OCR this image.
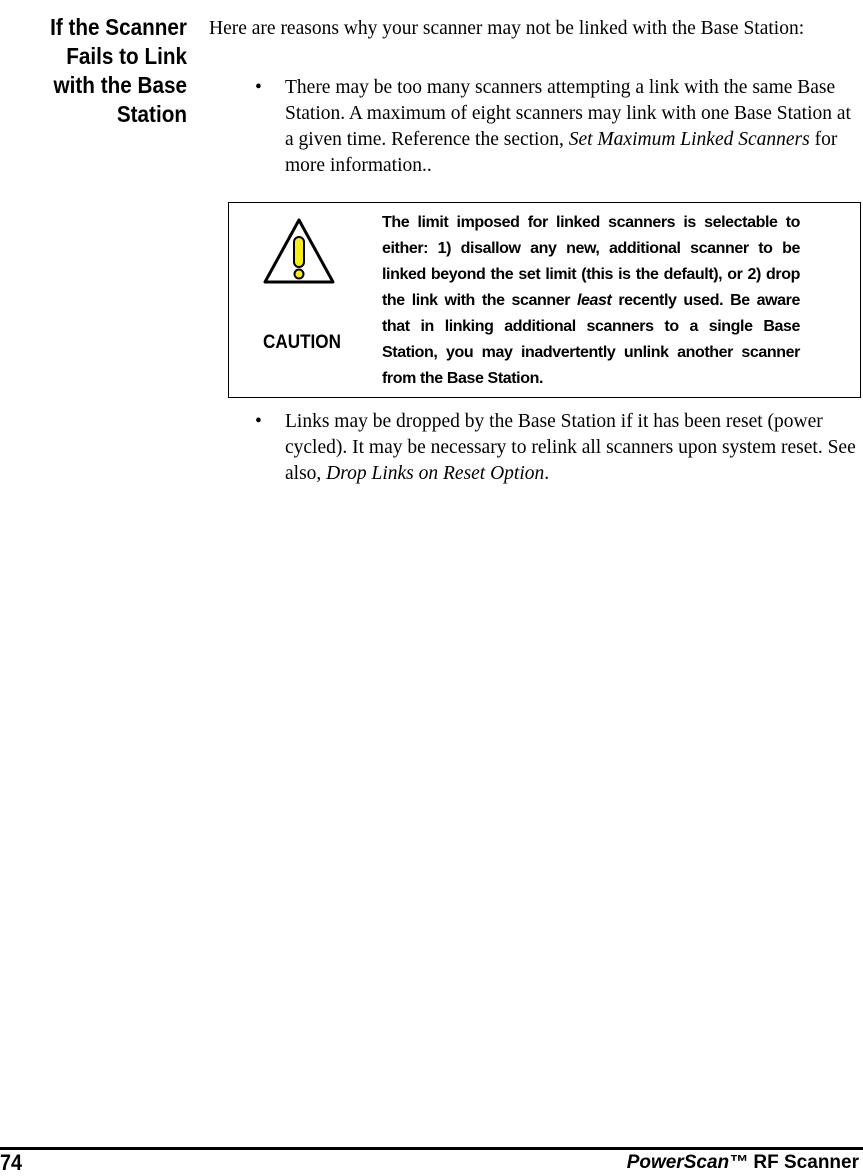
If the Scanner
Fails to Link
with the Base
Station
Here are reasons why your scanner may not be linked with the Base Station:
• There may be too many scanners attempting a link with the same Base Station. A maximum of eight scanners may link with one Base Station at a given time. Reference the section, Set Maximum Linked Scanners for more information..
CAUTION
The limit imposed for linked scanners is selectable to either: 1) disallow any new, additional scanner to be linked beyond the set limit (this is the default), or 2) drop the link with the scanner least recently used. Be aware that in linking additional scanners to a single Base Station, you may inadvertently unlink another scanner from the Base Station.
• Links may be dropped by the Base Station if it has been reset (power cycled). It may be necessary to relink all scanners upon system reset. See also, Drop Links on Reset Option.
74	PowerScan™ RF Scanner
